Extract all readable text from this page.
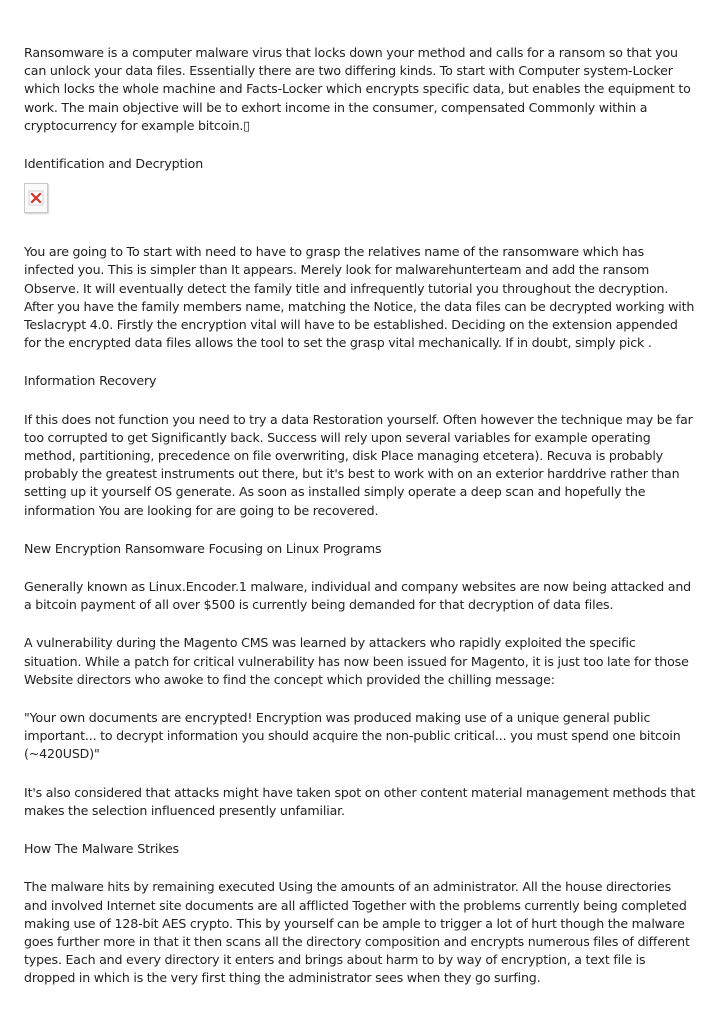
Ransomware is a computer malware virus that locks down your method and calls for a ransom so that you can unlock your data files. Essentially there are two differing kinds. To start with Computer system-Locker which locks the whole machine and Facts-Locker which encrypts specific data, but enables the equipment to work. The main objective will be to exhort income in the consumer, compensated Commonly within a cryptocurrency for example bitcoin.▯

Identification and Decryption

You are going to To start with need to have to grasp the relatives name of the ransomware which has infected you. This is simpler than It appears. Merely look for malwarehunterteam and add the ransom Observe. It will eventually detect the family title and infrequently tutorial you throughout the decryption. After you have the family members name, matching the Notice, the data files can be decrypted working with Teslacrypt 4.0. Firstly the encryption vital will have to be established. Deciding on the extension appended for the encrypted data files allows the tool to set the grasp vital mechanically. If in doubt, simply pick .

Information Recovery

If this does not function you need to try a data Restoration yourself. Often however the technique may be far too corrupted to get Significantly back. Success will rely upon several variables for example operating method, partitioning, precedence on file overwriting, disk Place managing etcetera). Recuva is probably probably the greatest instruments out there, but it's best to work with on an exterior harddrive rather than setting up it yourself OS generate. As soon as installed simply operate a deep scan and hopefully the information You are looking for are going to be recovered.

New Encryption Ransomware Focusing on Linux Programs

Generally known as Linux.Encoder.1 malware, individual and company websites are now being attacked and a bitcoin payment of all over $500 is currently being demanded for that decryption of data files.

A vulnerability during the Magento CMS was learned by attackers who rapidly exploited the specific situation. While a patch for critical vulnerability has now been issued for Magento, it is just too late for those Website directors who awoke to find the concept which provided the chilling message:

"Your own documents are encrypted! Encryption was produced making use of a unique general public important... to decrypt information you should acquire the non-public critical... you must spend one bitcoin (~420USD)"

It's also considered that attacks might have taken spot on other content material management methods that makes the selection influenced presently unfamiliar.

How The Malware Strikes

The malware hits by remaining executed Using the amounts of an administrator. All the house directories and involved Internet site documents are all afflicted Together with the problems currently being completed making use of 128-bit AES crypto. This by yourself can be ample to trigger a lot of hurt though the malware goes further more in that it then scans all the directory composition and encrypts numerous files of different types. Each and every directory it enters and brings about harm to by way of encryption, a text file is dropped in which is the very first thing the administrator sees when they go surfing.
